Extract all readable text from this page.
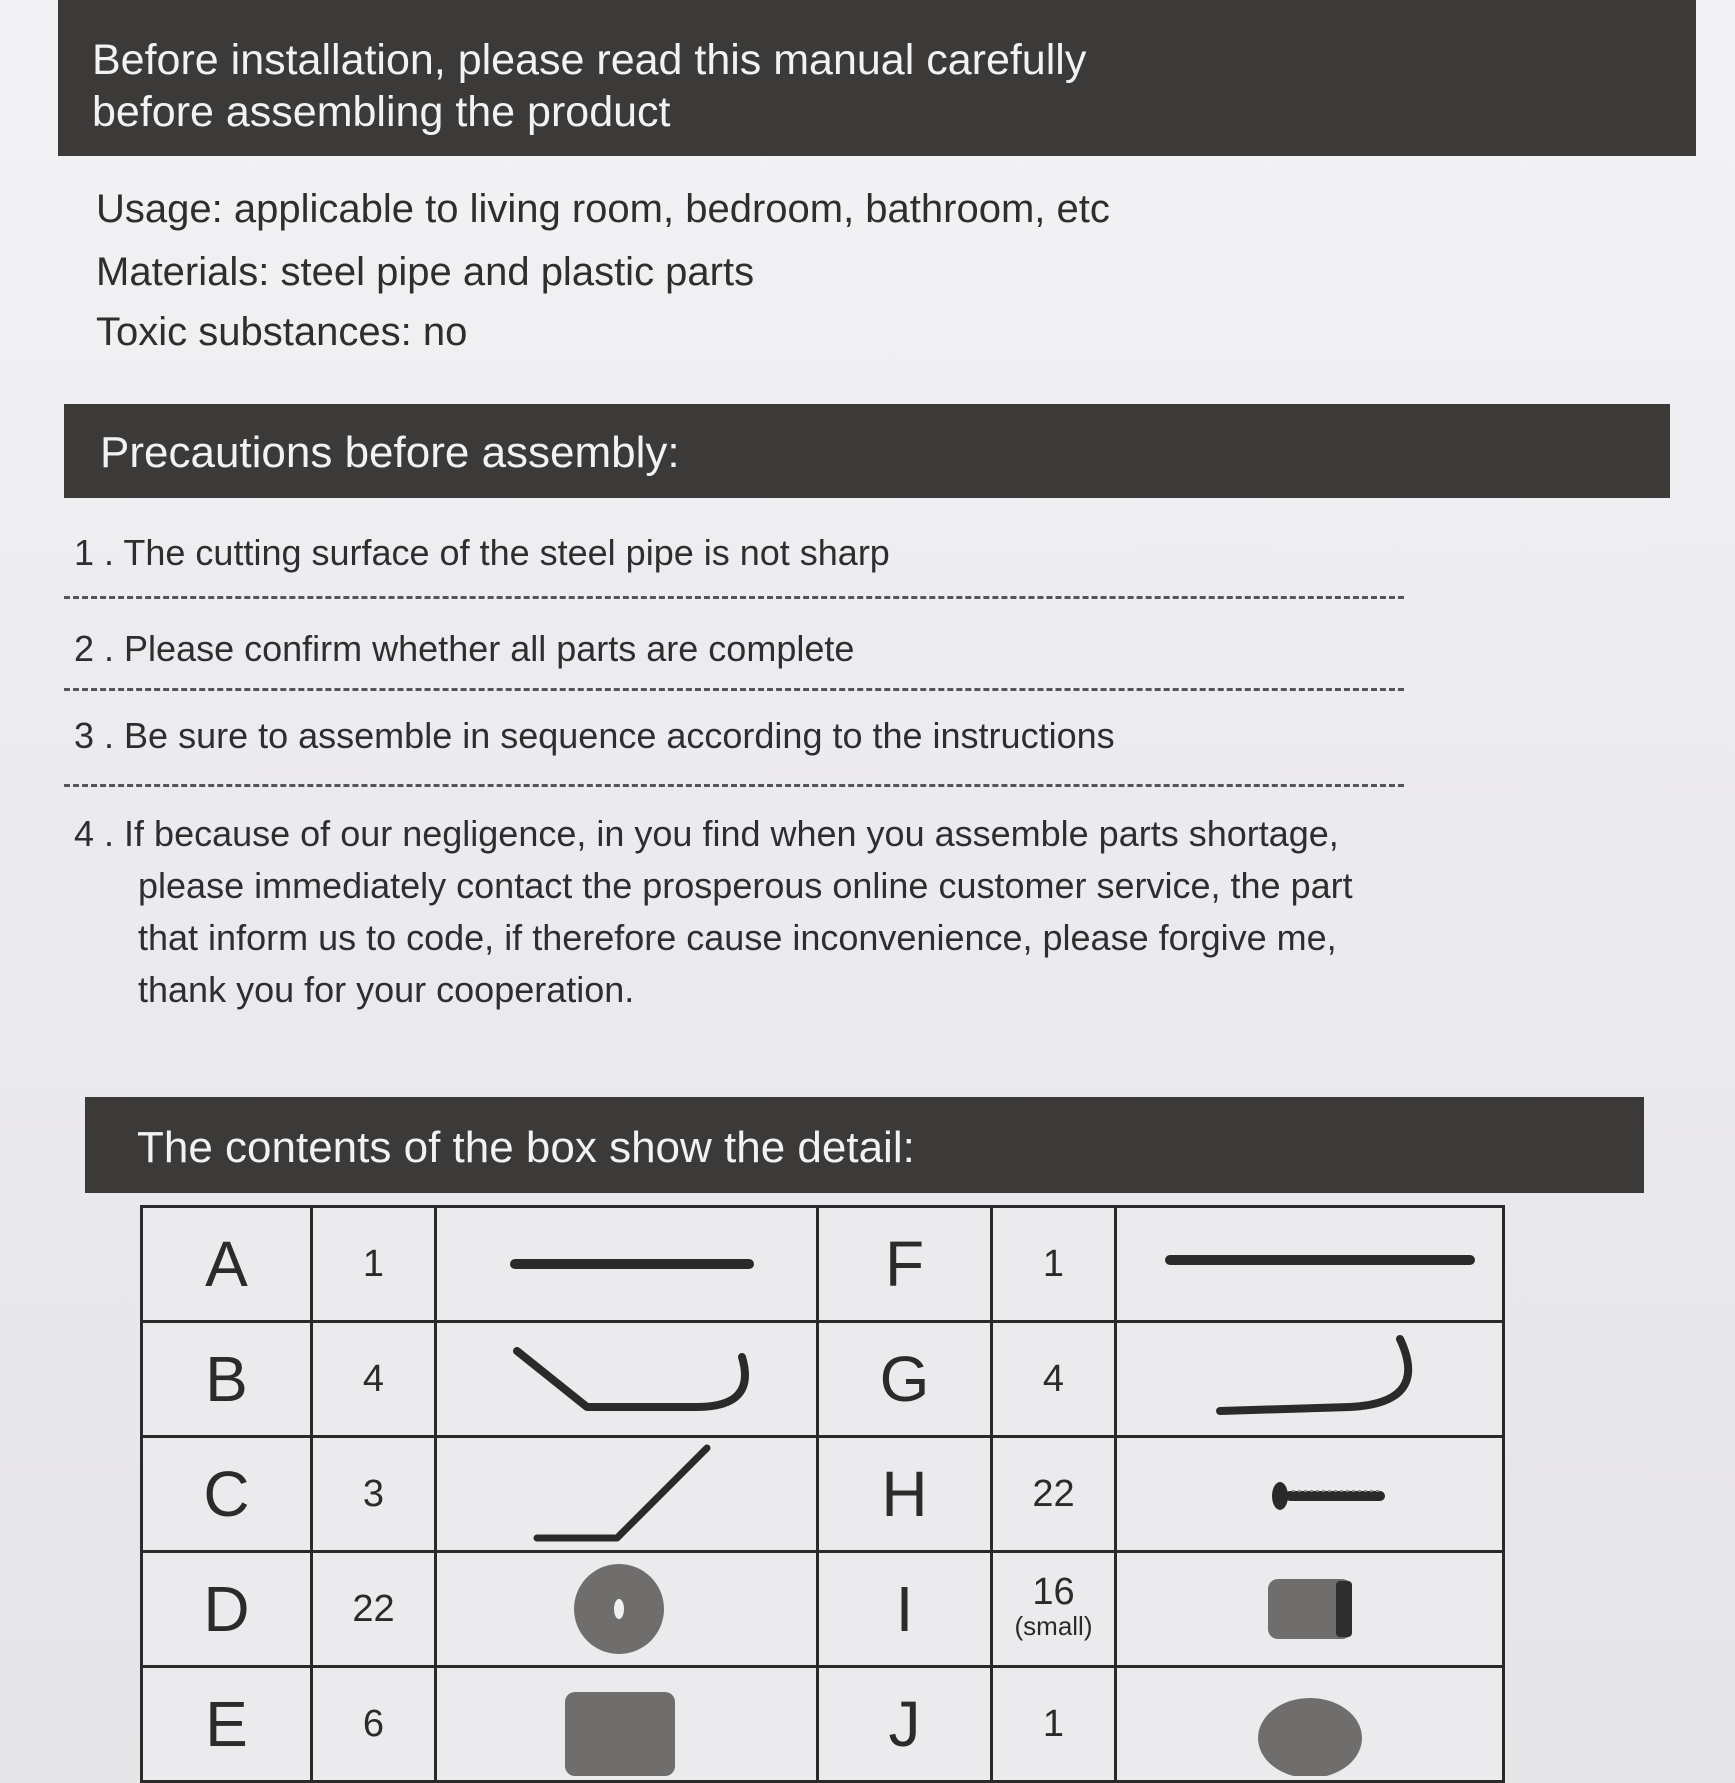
Before installation, please read this manual carefully
before assembling the product
Usage: applicable to living room, bedroom, bathroom, etc
Materials: steel pipe and plastic parts
Toxic substances: no
Precautions before assembly:
1 . The cutting surface of the steel pipe is not sharp
2 . Please confirm whether all parts are complete
3 . Be sure to assemble in sequence according to the instructions
4 . If because of our negligence, in you find when you assemble parts shortage,
please immediately contact the prosperous online customer service, the part
that inform us to code, if therefore cause inconvenience, please forgive me,
thank you for your cooperation.
The contents of the box show the detail:
A	1		F	1	

B	4		G	4	

C	3		H	22	

D	22		I	16
(small)

E	6		J	1	
